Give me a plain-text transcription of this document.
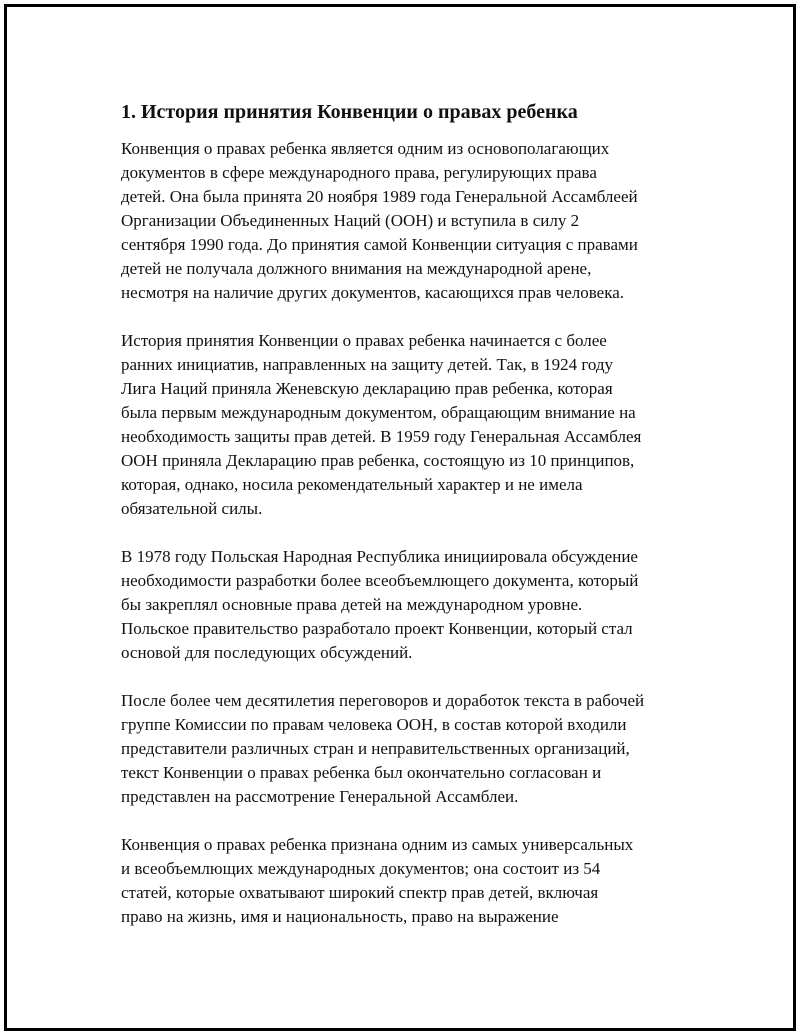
1. История принятия Конвенции о правах ребенка
Конвенция о правах ребенка является одним из основополагающих
документов в сфере международного права, регулирующих права
детей. Она была принята 20 ноября 1989 года Генеральной Ассамблеей
Организации Объединенных Наций (ООН) и вступила в силу 2
сентября 1990 года. До принятия самой Конвенции ситуация с правами
детей не получала должного внимания на международной арене,
несмотря на наличие других документов, касающихся прав человека.
История принятия Конвенции о правах ребенка начинается с более
ранних инициатив, направленных на защиту детей. Так, в 1924 году
Лига Наций приняла Женевскую декларацию прав ребенка, которая
была первым международным документом, обращающим внимание на
необходимость защиты прав детей. В 1959 году Генеральная Ассамблея
ООН приняла Декларацию прав ребенка, состоящую из 10 принципов,
которая, однако, носила рекомендательный характер и не имела
обязательной силы.
В 1978 году Польская Народная Республика инициировала обсуждение
необходимости разработки более всеобъемлющего документа, который
бы закреплял основные права детей на международном уровне.
Польское правительство разработало проект Конвенции, который стал
основой для последующих обсуждений.
После более чем десятилетия переговоров и доработок текста в рабочей
группе Комиссии по правам человека ООН, в состав которой входили
представители различных стран и неправительственных организаций,
текст Конвенции о правах ребенка был окончательно согласован и
представлен на рассмотрение Генеральной Ассамблеи.
Конвенция о правах ребенка признана одним из самых универсальных
и всеобъемлющих международных документов; она состоит из 54
статей, которые охватывают широкий спектр прав детей, включая
право на жизнь, имя и национальность, право на выражение
